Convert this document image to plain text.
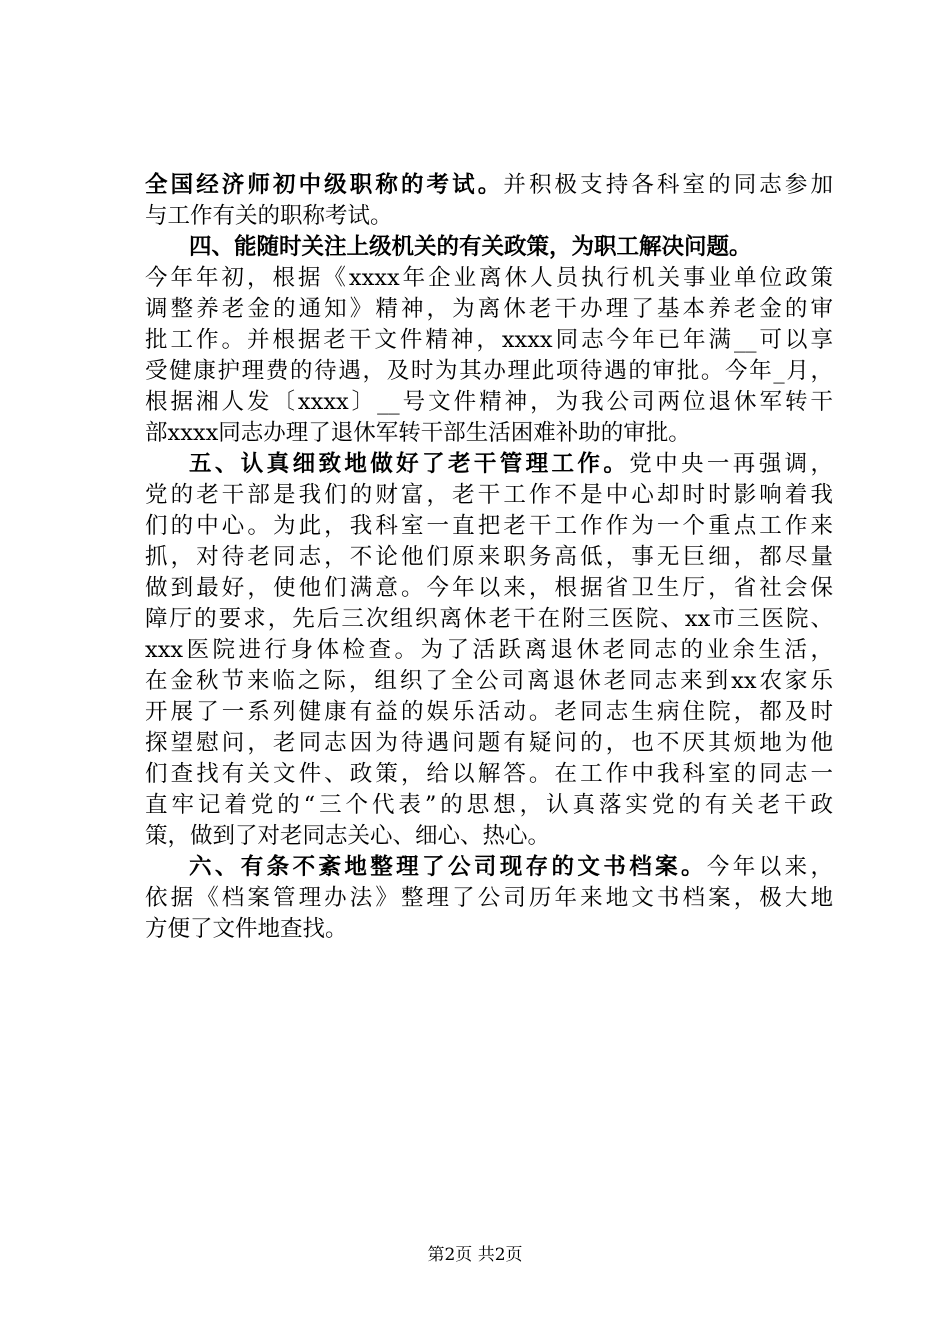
全国经济师初中级职称的考试。并积极支持各科室的同志参加
与工作有关的职称考试。
四、能随时关注上级机关的有关政策，为职工解决问题。
今年年初，根据《xxxx年企业离休人员执行机关事业单位政策
调整养老金的通知》精神，为离休老干办理了基本养老金的审
批工作。并根据老干文件精神，xxxx同志今年已年满__可以享
受健康护理费的待遇，及时为其办理此项待遇的审批。今年_月，
根据湘人发〔xxxx〕__号文件精神，为我公司两位退休军转干
部xxxx同志办理了退休军转干部生活困难补助的审批。
五、认真细致地做好了老干管理工作。党中央一再强调，
党的老干部是我们的财富，老干工作不是中心却时时影响着我
们的中心。为此，我科室一直把老干工作作为一个重点工作来
抓，对待老同志，不论他们原来职务高低，事无巨细，都尽量
做到最好，使他们满意。今年以来，根据省卫生厅，省社会保
障厅的要求，先后三次组织离休老干在附三医院、xx市三医院、
xxx医院进行身体检查。为了活跃离退休老同志的业余生活，
在金秋节来临之际，组织了全公司离退休老同志来到xx农家乐
开展了一系列健康有益的娱乐活动。老同志生病住院，都及时
探望慰问，老同志因为待遇问题有疑问的，也不厌其烦地为他
们查找有关文件、政策，给以解答。在工作中我科室的同志一
直牢记着党的“三个代表”的思想，认真落实党的有关老干政
策，做到了对老同志关心、细心、热心。
六、有条不紊地整理了公司现存的文书档案。今年以来，
依据《档案管理办法》整理了公司历年来地文书档案，极大地
方便了文件地查找。
第2页 共2页
